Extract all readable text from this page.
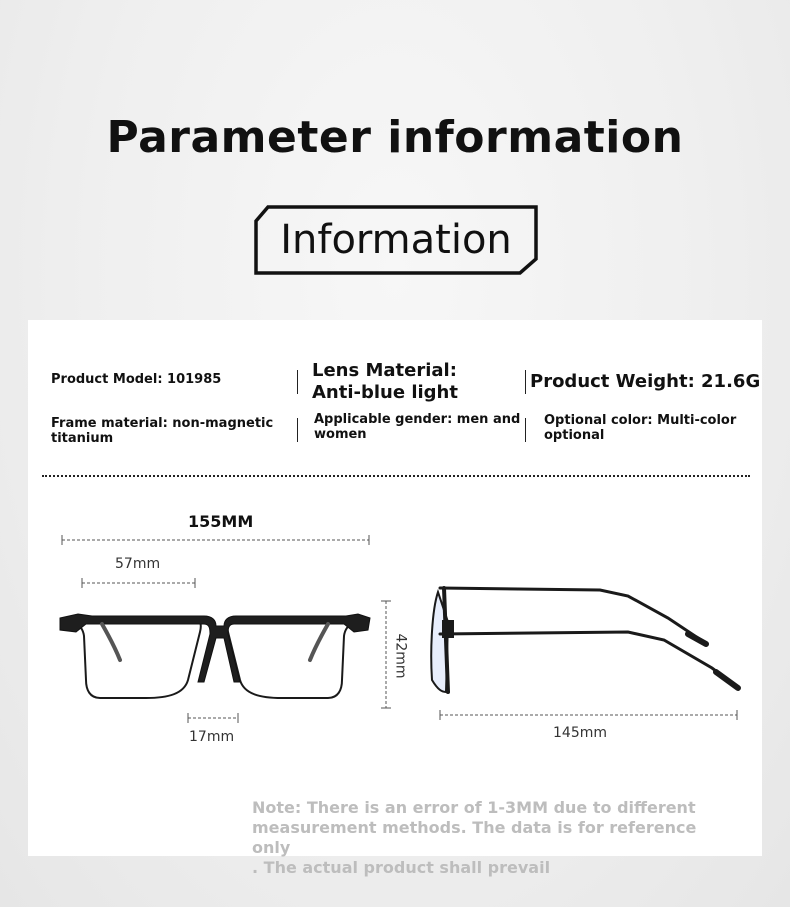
Parameter information
Information
Product Model: 101985	Lens Material:
Anti-blue light
Product Weight: 21.6G
Frame material: non-magnetic
titanium
Applicable gender: men and
women
Optional color: Multi-color
optional
155MM
57mm
17mm
42mm
145mm
Note: There is an error of 1-3MM due to different
measurement methods. The data is for reference only
. The actual product shall prevail
